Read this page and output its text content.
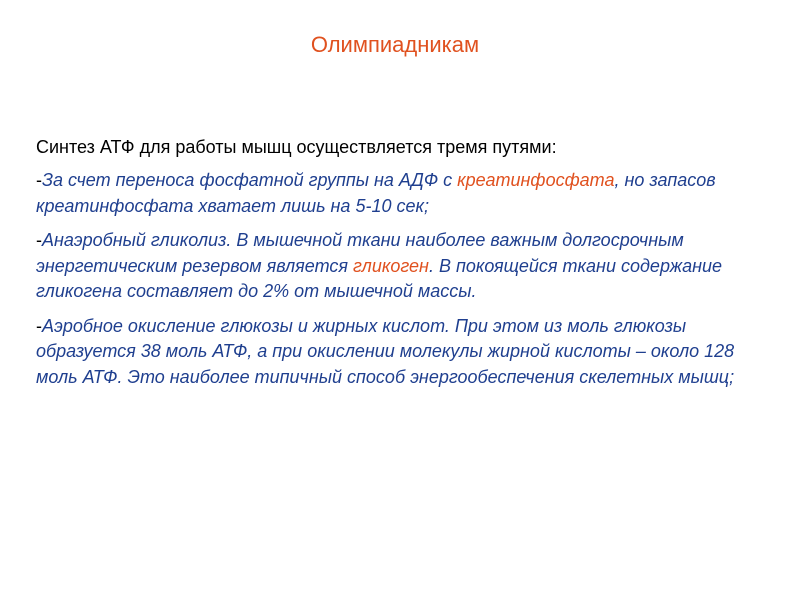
Олимпиадникам

Синтез АТФ для работы мышц осуществляется тремя путями:

-За счет переноса фосфатной группы на АДФ с креатинфосфата, но запасов креатинфосфата хватает лишь на 5-10 сек;

-Анаэробный гликолиз. В мышечной ткани наиболее важным долгосрочным энергетическим резервом является гликоген. В покоящейся ткани содержание гликогена составляет до 2% от мышечной массы.

-Аэробное окисление глюкозы и жирных кислот. При этом из моль глюкозы образуется 38 моль АТФ, а при окислении молекулы жирной кислоты – около 128 моль АТФ. Это наиболее типичный способ энергообеспечения скелетных мышц;
